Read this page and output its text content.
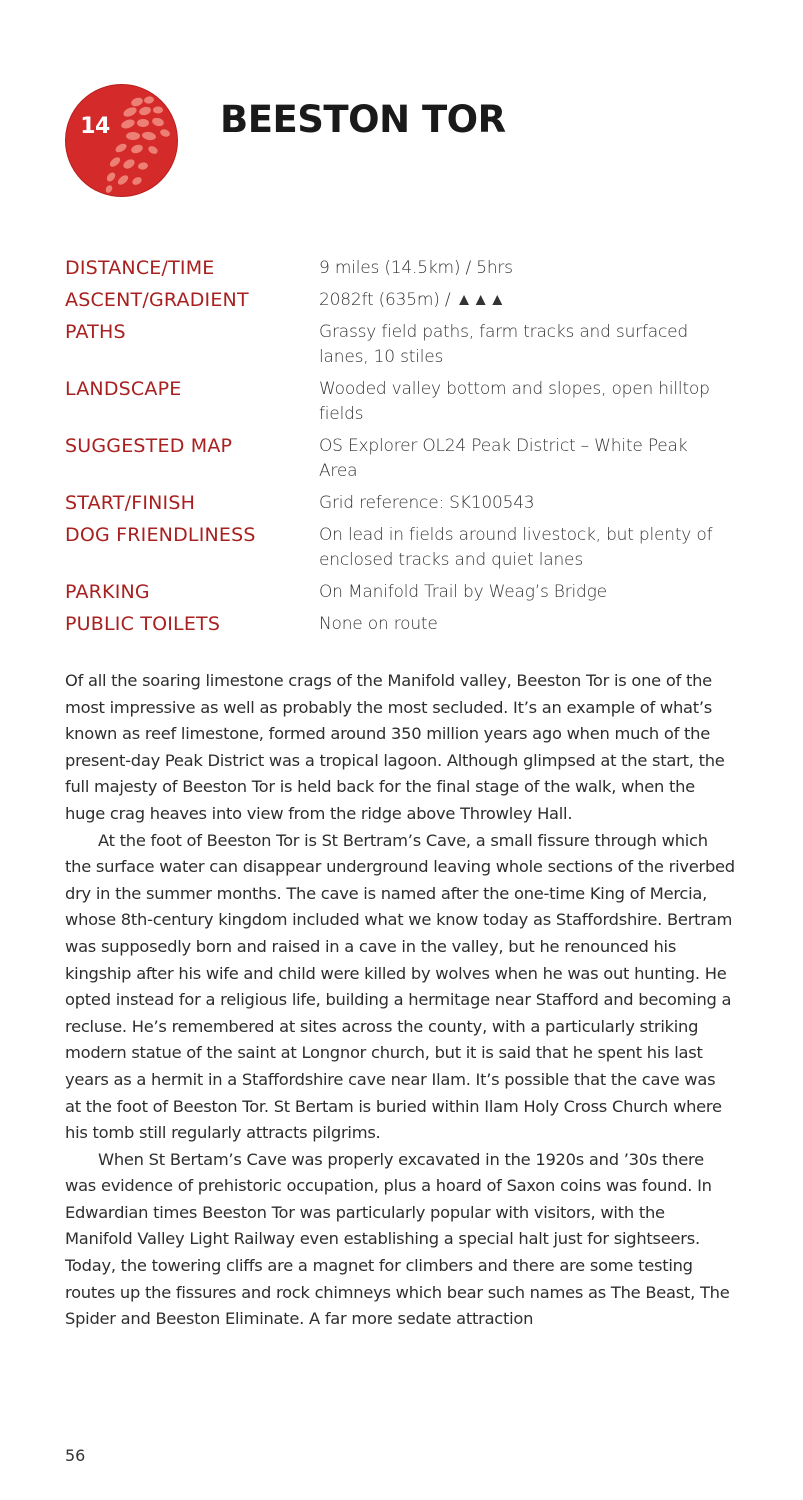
14	BEESTON TOR
DISTANCE/TIME	9 miles (14.5km) / 5hrs
ASCENT/GRADIENT	2082ft (635m) / ▲▲▲
PATHS	Grassy field paths, farm tracks and surfaced lanes, 10 stiles
LANDSCAPE	Wooded valley bottom and slopes, open hilltop fields
SUGGESTED MAP	OS Explorer OL24 Peak District – White Peak Area
START/FINISH	Grid reference: SK100543
DOG FRIENDLINESS	On lead in fields around livestock, but plenty of enclosed tracks and quiet lanes
PARKING	On Manifold Trail by Weag’s Bridge
PUBLIC TOILETS	None on route

Of all the soaring limestone crags of the Manifold valley, Beeston Tor is one of the most impressive as well as probably the most secluded. It’s an example of what’s known as reef limestone, formed around 350 million years ago when much of the present-day Peak District was a tropical lagoon. Although glimpsed at the start, the full majesty of Beeston Tor is held back for the final stage of the walk, when the huge crag heaves into view from the ridge above Throwley Hall.

At the foot of Beeston Tor is St Bertram’s Cave, a small fissure through which the surface water can disappear underground leaving whole sections of the riverbed dry in the summer months. The cave is named after the one-time King of Mercia, whose 8th-century kingdom included what we know today as Staffordshire. Bertram was supposedly born and raised in a cave in the valley, but he renounced his kingship after his wife and child were killed by wolves when he was out hunting. He opted instead for a religious life, building a hermitage near Stafford and becoming a recluse. He’s remembered at sites across the county, with a particularly striking modern statue of the saint at Longnor church, but it is said that he spent his last years as a hermit in a Staffordshire cave near Ilam. It’s possible that the cave was at the foot of Beeston Tor. St Bertam is buried within Ilam Holy Cross Church where his tomb still regularly attracts pilgrims.

When St Bertam’s Cave was properly excavated in the 1920s and ’30s there was evidence of prehistoric occupation, plus a hoard of Saxon coins was found. In Edwardian times Beeston Tor was particularly popular with visitors, with the Manifold Valley Light Railway even establishing a special halt just for sightseers. Today, the towering cliffs are a magnet for climbers and there are some testing routes up the fissures and rock chimneys which bear such names as The Beast, The Spider and Beeston Eliminate. A far more sedate attraction

56
